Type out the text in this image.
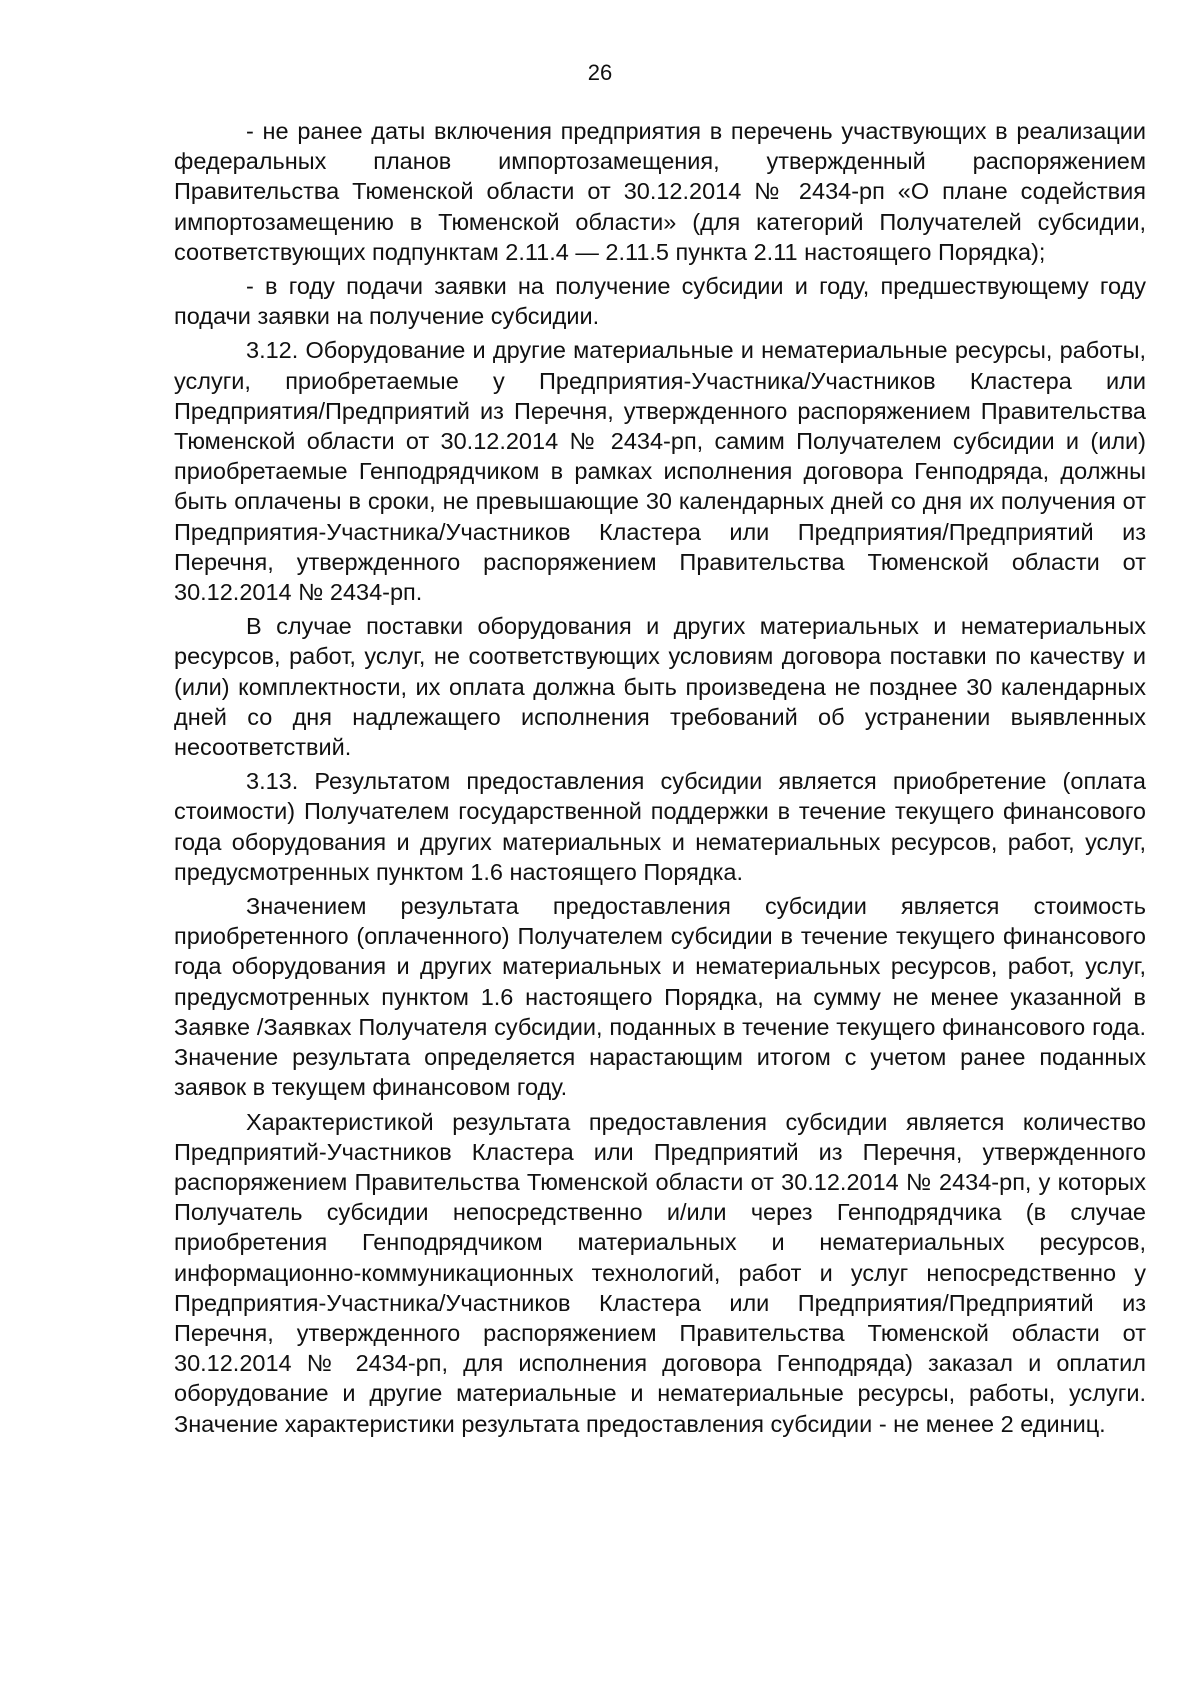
26

- не ранее даты включения предприятия в перечень участвующих в реализации федеральных планов импортозамещения, утвержденный распоряжением Правительства Тюменской области от 30.12.2014 № 2434-рп «О плане содействия импортозамещению в Тюменской области» (для категорий Получателей субсидии, соответствующих подпунктам 2.11.4 — 2.11.5 пункта 2.11 настоящего Порядка);

- в году подачи заявки на получение субсидии и году, предшествующему году подачи заявки на получение субсидии.

3.12. Оборудование и другие материальные и нематериальные ресурсы, работы, услуги, приобретаемые у Предприятия-Участника/Участников Кластера или Предприятия/Предприятий из Перечня, утвержденного распоряжением Правительства Тюменской области от 30.12.2014 № 2434-рп, самим Получателем субсидии и (или) приобретаемые Генподрядчиком в рамках исполнения договора Генподряда, должны быть оплачены в сроки, не превышающие 30 календарных дней со дня их получения от Предприятия-Участника/Участников Кластера или Предприятия/Предприятий из Перечня, утвержденного распоряжением Правительства Тюменской области от 30.12.2014 № 2434-рп.

В случае поставки оборудования и других материальных и нематериальных ресурсов, работ, услуг, не соответствующих условиям договора поставки по качеству и (или) комплектности, их оплата должна быть произведена не позднее 30 календарных дней со дня надлежащего исполнения требований об устранении выявленных несоответствий.

3.13. Результатом предоставления субсидии является приобретение (оплата стоимости) Получателем государственной поддержки в течение текущего финансового года оборудования и других материальных и нематериальных ресурсов, работ, услуг, предусмотренных пунктом 1.6 настоящего Порядка.

Значением результата предоставления субсидии является стоимость приобретенного (оплаченного) Получателем субсидии в течение текущего финансового года оборудования и других материальных и нематериальных ресурсов, работ, услуг, предусмотренных пунктом 1.6 настоящего Порядка, на сумму не менее указанной в Заявке /Заявках Получателя субсидии, поданных в течение текущего финансового года. Значение результата определяется нарастающим итогом с учетом ранее поданных заявок в текущем финансовом году.

Характеристикой результата предоставления субсидии является количество Предприятий-Участников Кластера или Предприятий из Перечня, утвержденного распоряжением Правительства Тюменской области от 30.12.2014 № 2434-рп, у которых Получатель субсидии непосредственно и/или через Генподрядчика (в случае приобретения Генподрядчиком материальных и нематериальных ресурсов, информационно-коммуникационных технологий, работ и услуг непосредственно у Предприятия-Участника/Участников Кластера или Предприятия/Предприятий из Перечня, утвержденного распоряжением Правительства Тюменской области от 30.12.2014 № 2434-рп, для исполнения договора Генподряда) заказал и оплатил оборудование и другие материальные и нематериальные ресурсы, работы, услуги. Значение характеристики результата предоставления субсидии - не менее 2 единиц.
